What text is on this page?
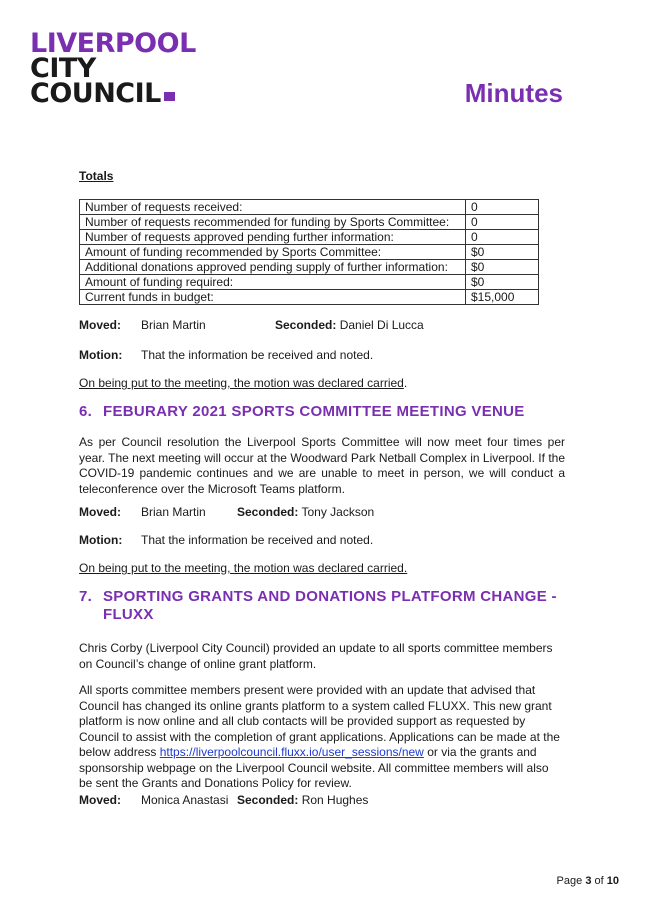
LIVERPOOL
CITY
COUNCIL	Minutes
Totals
Number of requests received:	0
Number of requests recommended for funding by Sports Committee:	0
Number of requests approved pending further information:	0
Amount of funding recommended by Sports Committee:	$0
Additional donations approved pending supply of further information:	$0
Amount of funding required:	$0
Current funds in budget:	$15,000
Moved: Brian Martin	Seconded: Daniel Di Lucca
Motion: That the information be received and noted.
On being put to the meeting, the motion was declared carried.
6. FEBURARY 2021 SPORTS COMMITTEE MEETING VENUE
As per Council resolution the Liverpool Sports Committee will now meet four times per year. The next meeting will occur at the Woodward Park Netball Complex in Liverpool. If the COVID-19 pandemic continues and we are unable to meet in person, we will conduct a teleconference over the Microsoft Teams platform.
Moved: Brian Martin	Seconded: Tony Jackson
Motion: That the information be received and noted.
On being put to the meeting, the motion was declared carried.
7. SPORTING GRANTS AND DONATIONS PLATFORM CHANGE -
FLUXX
Chris Corby (Liverpool City Council) provided an update to all sports committee members on Council’s change of online grant platform.
All sports committee members present were provided with an update that advised that Council has changed its online grants platform to a system called FLUXX. This new grant platform is now online and all club contacts will be provided support as requested by Council to assist with the completion of grant applications. Applications can be made at the below address https://liverpoolcouncil.fluxx.io/user_sessions/new or via the grants and sponsorship webpage on the Liverpool Council website. All committee members will also be sent the Grants and Donations Policy for review.
Moved: Monica Anastasi Seconded: Ron Hughes
Page 3 of 10
